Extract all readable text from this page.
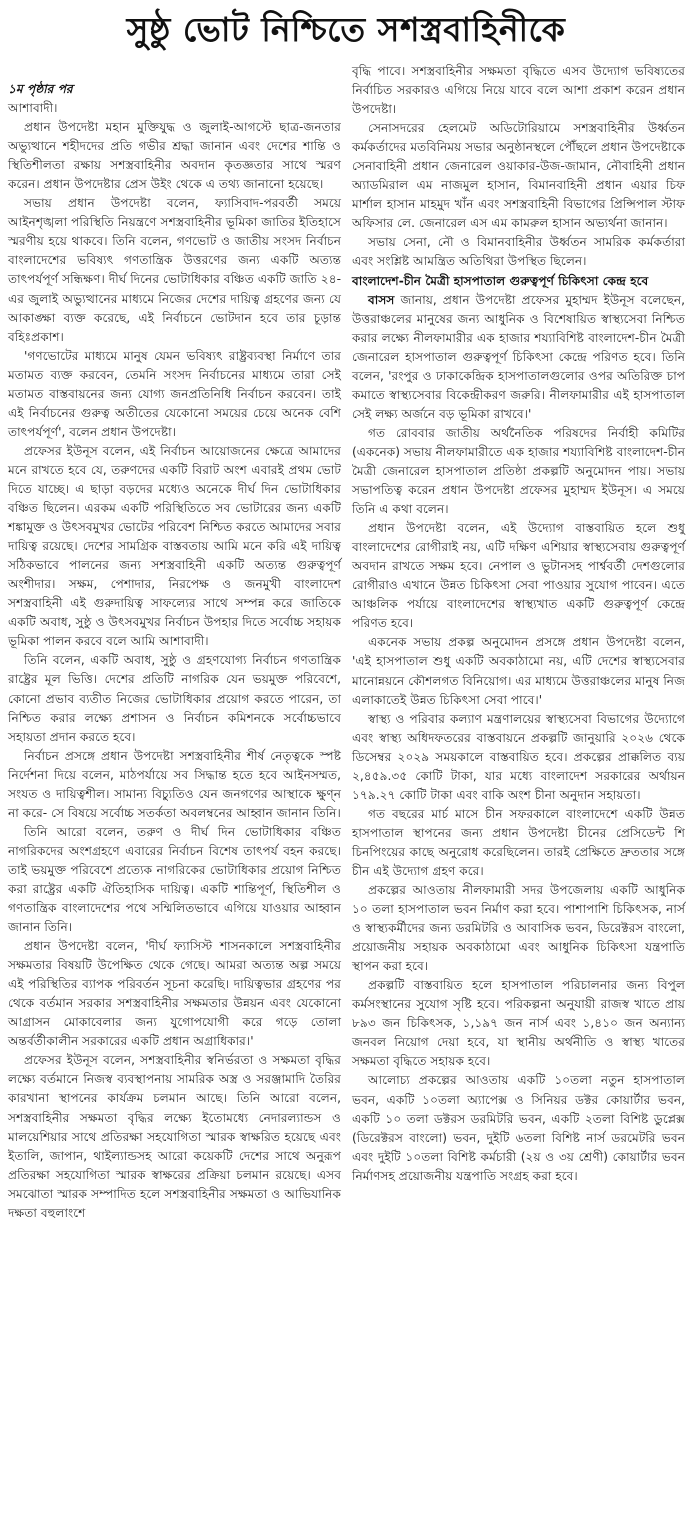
সুষ্ঠু ভোট নিশ্চিতে সশস্ত্রবাহিনীকে

১ম পৃষ্ঠার পর

আশাবাদী।

প্রধান উপদেষ্টা মহান মুক্তিযুদ্ধ ও জুলাই-আগস্টে ছাত্র-জনতার অভ্যুত্থানে শহীদদের প্রতি গভীর শ্রদ্ধা জানান এবং দেশের শান্তি ও স্থিতিশীলতা রক্ষায় সশস্ত্রবাহিনীর অবদান কৃতজ্ঞতার সাথে স্মরণ করেন। প্রধান উপদেষ্টার প্রেস উইং থেকে এ তথ্য জানানো হয়েছে।

সভায় প্রধান উপদেষ্টা বলেন, ফ্যাসিবাদ-পরবর্তী সময়ে আইনশৃঙ্খলা পরিস্থিতি নিয়ন্ত্রণে সশস্ত্রবাহিনীর ভূমিকা জাতির ইতিহাসে স্মরণীয় হয়ে থাকবে। তিনি বলেন, গণভোট ও জাতীয় সংসদ নির্বাচন বাংলাদেশের ভবিষ্যৎ গণতান্ত্রিক উত্তরণের জন্য একটি অত্যন্ত তাৎপর্যপূর্ণ সন্ধিক্ষণ। দীর্ঘ দিনের ভোটাধিকার বঞ্চিত একটি জাতি ২৪-এর জুলাই অভ্যুত্থানের মাধ্যমে নিজের দেশের দায়িত্ব গ্রহণের জন্য যে আকাঙ্ক্ষা ব্যক্ত করেছে, এই নির্বাচনে ভোটদান হবে তার চূড়ান্ত বহিঃপ্রকাশ।

'গণভোটের মাধ্যমে মানুষ যেমন ভবিষ্যৎ রাষ্ট্রব্যবস্থা নির্মাণে তার মতামত ব্যক্ত করবেন, তেমনি সংসদ নির্বাচনের মাধ্যমে তারা সেই মতামত বাস্তবায়নের জন্য যোগ্য জনপ্রতিনিধি নির্বাচন করবেন। তাই এই নির্বাচনের গুরুত্ব অতীতের যেকোনো সময়ের চেয়ে অনেক বেশি তাৎপর্যপূর্ণ', বলেন প্রধান উপদেষ্টা।

প্রফেসর ইউনূস বলেন, এই নির্বাচন আয়োজনের ক্ষেত্রে আমাদের মনে রাখতে হবে যে, তরুণদের একটি বিরাট অংশ এবারই প্রথম ভোট দিতে যাচ্ছে। এ ছাড়া বড়দের মধ্যেও অনেকে দীর্ঘ দিন ভোটাধিকার বঞ্চিত ছিলেন। এরকম একটি পরিস্থিতিতে সব ভোটারের জন্য একটি শঙ্কামুক্ত ও উৎসবমুখর ভোটের পরিবেশ নিশ্চিত করতে আমাদের সবার দায়িত্ব রয়েছে। দেশের সামগ্রিক বাস্তবতায় আমি মনে করি এই দায়িত্ব সঠিকভাবে পালনের জন্য সশস্ত্রবাহিনী একটি অত্যন্ত গুরুত্বপূর্ণ অংশীদার। সক্ষম, পেশাদার, নিরপেক্ষ ও জনমুখী বাংলাদেশ সশস্ত্রবাহিনী এই গুরুদায়িত্ব সাফল্যের সাথে সম্পন্ন করে জাতিকে একটি অবাধ, সুষ্ঠু ও উৎসবমুখর নির্বাচন উপহার দিতে সর্বোচ্চ সহায়ক ভূমিকা পালন করবে বলে আমি আশাবাদী।

তিনি বলেন, একটি অবাধ, সুষ্ঠু ও গ্রহণযোগ্য নির্বাচন গণতান্ত্রিক রাষ্ট্রের মূল ভিত্তি। দেশের প্রতিটি নাগরিক যেন ভয়মুক্ত পরিবেশে, কোনো প্রভাব ব্যতীত নিজের ভোটাধিকার প্রয়োগ করতে পারেন, তা নিশ্চিত করার লক্ষ্যে প্রশাসন ও নির্বাচন কমিশনকে সর্বোচ্চভাবে সহায়তা প্রদান করতে হবে।

নির্বাচন প্রসঙ্গে প্রধান উপদেষ্টা সশস্ত্রবাহিনীর শীর্ষ নেতৃত্বকে স্পষ্ট নির্দেশনা দিয়ে বলেন, মাঠপর্যায়ে সব সিদ্ধান্ত হতে হবে আইনসম্মত, সংযত ও দায়িত্বশীল। সামান্য বিচ্যুতিও যেন জনগণের আস্থাকে ক্ষুণ্ন না করে- সে বিষয়ে সর্বোচ্চ সতর্কতা অবলম্বনের আহ্বান জানান তিনি।

তিনি আরো বলেন, তরুণ ও দীর্ঘ দিন ভোটাধিকার বঞ্চিত নাগরিকদের অংশগ্রহণে এবারের নির্বাচন বিশেষ তাৎপর্য বহন করছে। তাই ভয়মুক্ত পরিবেশে প্রত্যেক নাগরিকের ভোটাধিকার প্রয়োগ নিশ্চিত করা রাষ্ট্রের একটি ঐতিহাসিক দায়িত্ব। একটি শান্তিপূর্ণ, স্থিতিশীল ও গণতান্ত্রিক বাংলাদেশের পথে সম্মিলিতভাবে এগিয়ে যাওয়ার আহ্বান জানান তিনি।

প্রধান উপদেষ্টা বলেন, 'দীর্ঘ ফ্যাসিস্ট শাসনকালে সশস্ত্রবাহিনীর সক্ষমতার বিষয়টি উপেক্ষিত থেকে গেছে। আমরা অত্যন্ত অল্প সময়ে এই পরিস্থিতির ব্যাপক পরিবর্তন সূচনা করেছি। দায়িত্বভার গ্রহণের পর থেকে বর্তমান সরকার সশস্ত্রবাহিনীর সক্ষমতার উন্নয়ন এবং যেকোনো আগ্রাসন মোকাবেলার জন্য যুগোপযোগী করে গড়ে তোলা অন্তর্বর্তীকালীন সরকারের একটি প্রধান অগ্রাধিকার।'

প্রফেসর ইউনূস বলেন, সশস্ত্রবাহিনীর স্বনির্ভরতা ও সক্ষমতা বৃদ্ধির লক্ষ্যে বর্তমানে নিজস্ব ব্যবস্থাপনায় সামরিক অস্ত্র ও সরঞ্জামাদি তৈরির কারখানা স্থাপনের কার্যক্রম চলমান আছে। তিনি আরো বলেন, সশস্ত্রবাহিনীর সক্ষমতা বৃদ্ধির লক্ষ্যে ইতোমধ্যে নেদারল্যান্ডস ও মালয়েশিয়ার সাথে প্রতিরক্ষা সহযোগিতা স্মারক স্বাক্ষরিত হয়েছে এবং ইতালি, জাপান, থাইল্যান্ডসহ আরো কয়েকটি দেশের সাথে অনুরূপ প্রতিরক্ষা সহযোগিতা স্মারক স্বাক্ষরের প্রক্রিয়া চলমান রয়েছে। এসব সমঝোতা স্মারক সম্পাদিত হলে সশস্ত্রবাহিনীর সক্ষমতা ও আভিযানিক দক্ষতা বহুলাংশে

বৃদ্ধি পাবে। সশস্ত্রবাহিনীর সক্ষমতা বৃদ্ধিতে এসব উদ্যোগ ভবিষ্যতের নির্বাচিত সরকারও এগিয়ে নিয়ে যাবে বলে আশা প্রকাশ করেন প্রধান উপদেষ্টা।

সেনাসদরের হেলমেট অডিটোরিয়ামে সশস্ত্রবাহিনীর উর্ধ্বতন কর্মকর্তাদের মতবিনিময় সভার অনুষ্ঠানস্থলে পৌঁছলে প্রধান উপদেষ্টাকে সেনাবাহিনী প্রধান জেনারেল ওয়াকার-উজ-জামান, নৌবাহিনী প্রধান অ্যাডমিরাল এম নাজমুল হাসান, বিমানবাহিনী প্রধান এয়ার চিফ মার্শাল হাসান মাহমুদ খাঁন এবং সশস্ত্রবাহিনী বিভাগের প্রিন্সিপাল স্টাফ অফিসার লে. জেনারেল এস এম কামরুল হাসান অভ্যর্থনা জানান।

সভায় সেনা, নৌ ও বিমানবাহিনীর উর্ধ্বতন সামরিক কর্মকর্তারা এবং সংশ্লিষ্ট আমন্ত্রিত অতিথিরা উপস্থিত ছিলেন।

বাংলাদেশ-চীন মৈত্রী হাসপাতাল গুরুত্বপূর্ণ চিকিৎসা কেন্দ্র হবে

বাসস জানায়, প্রধান উপদেষ্টা প্রফেসর মুহাম্মদ ইউনূস বলেছেন, উত্তরাঞ্চলের মানুষের জন্য আধুনিক ও বিশেষায়িত স্বাস্থ্যসেবা নিশ্চিত করার লক্ষ্যে নীলফামারীর এক হাজার শয্যাবিশিষ্ট বাংলাদেশ-চীন মৈত্রী জেনারেল হাসপাতাল গুরুত্বপূর্ণ চিকিৎসা কেন্দ্রে পরিণত হবে। তিনি বলেন, 'রংপুর ও ঢাকাকেন্দ্রিক হাসপাতালগুলোর ওপর অতিরিক্ত চাপ কমাতে স্বাস্থ্যসেবার বিকেন্দ্রীকরণ জরুরি। নীলফামারীর এই হাসপাতাল সেই লক্ষ্য অর্জনে বড় ভূমিকা রাখবে।'

গত রোববার জাতীয় অর্থনৈতিক পরিষদের নির্বাহী কমিটির (একনেক) সভায় নীলফামারীতে এক হাজার শয্যাবিশিষ্ট বাংলাদেশ-চীন মৈত্রী জেনারেল হাসপাতাল প্রতিষ্ঠা প্রকল্পটি অনুমোদন পায়। সভায় সভাপতিত্ব করেন প্রধান উপদেষ্টা প্রফেসর মুহাম্মদ ইউনূস। এ সময়ে তিনি এ কথা বলেন।

প্রধান উপদেষ্টা বলেন, এই উদ্যোগ বাস্তবায়িত হলে শুধু বাংলাদেশের রোগীরাই নয়, এটি দক্ষিণ এশিয়ার স্বাস্থ্যসেবায় গুরুত্বপূর্ণ অবদান রাখতে সক্ষম হবে। নেপাল ও ভুটানসহ পার্শ্ববর্তী দেশগুলোর রোগীরাও এখানে উন্নত চিকিৎসা সেবা পাওয়ার সুযোগ পাবেন। এতে আঞ্চলিক পর্যায়ে বাংলাদেশের স্বাস্থ্যখাত একটি গুরুত্বপূর্ণ কেন্দ্রে পরিণত হবে।

একনেক সভায় প্রকল্প অনুমোদন প্রসঙ্গে প্রধান উপদেষ্টা বলেন, 'এই হাসপাতাল শুধু একটি অবকাঠামো নয়, এটি দেশের স্বাস্থ্যসেবার মানোন্নয়নে কৌশলগত বিনিয়োগ। এর মাধ্যমে উত্তরাঞ্চলের মানুষ নিজ এলাকাতেই উন্নত চিকিৎসা সেবা পাবে।'

স্বাস্থ্য ও পরিবার কল্যাণ মন্ত্রণালয়ের স্বাস্থ্যসেবা বিভাগের উদ্যোগে এবং স্বাস্থ্য অধিদফতরের বাস্তবায়নে প্রকল্পটি জানুয়ারি ২০২৬ থেকে ডিসেম্বর ২০২৯ সময়কালে বাস্তবায়িত হবে। প্রকল্পের প্রাক্কলিত ব্যয় ২,৪৫৯.৩৫ কোটি টাকা, যার মধ্যে বাংলাদেশ সরকারের অর্থায়ন ১৭৯.২৭ কোটি টাকা এবং বাকি অংশ চীনা অনুদান সহায়তা।

গত বছরের মার্চ মাসে চীন সফরকালে বাংলাদেশে একটি উন্নত হাসপাতাল স্থাপনের জন্য প্রধান উপদেষ্টা চীনের প্রেসিডেন্ট শি চিনপিংয়ের কাছে অনুরোধ করেছিলেন। তারই প্রেক্ষিতে দ্রুততার সঙ্গে চীন এই উদ্যোগ গ্রহণ করে।

প্রকল্পের আওতায় নীলফামারী সদর উপজেলায় একটি আধুনিক ১০ তলা হাসপাতাল ভবন নির্মাণ করা হবে। পাশাপাশি চিকিৎসক, নার্স ও স্বাস্থ্যকর্মীদের জন্য ডরমিটরি ও আবাসিক ভবন, ডিরেক্টরস বাংলো, প্রয়োজনীয় সহায়ক অবকাঠামো এবং আধুনিক চিকিৎসা যন্ত্রপাতি স্থাপন করা হবে।

প্রকল্পটি বাস্তবায়িত হলে হাসপাতাল পরিচালনার জন্য বিপুল কর্মসংস্থানের সুযোগ সৃষ্টি হবে। পরিকল্পনা অনুযায়ী রাজস্ব খাতে প্রায় ৮৯৩ জন চিকিৎসক, ১,১৯৭ জন নার্স এবং ১,৪১০ জন অন্যান্য জনবল নিয়োগ দেয়া হবে, যা স্থানীয় অর্থনীতি ও স্বাস্থ্য খাতের সক্ষমতা বৃদ্ধিতে সহায়ক হবে।

আলোচ্য প্রকল্পের আওতায় একটি ১০তলা নতুন হাসপাতাল ভবন, একটি ১০তলা অ্যাপেক্স ও সিনিয়র ডক্টর কোয়ার্টার ভবন, একটি ১০ তলা ডক্টরস ডরমিটরি ভবন, একটি ২তলা বিশিষ্ট ডুপ্লেক্স (ডিরেক্টরস বাংলো) ভবন, দুইটি ৬তলা বিশিষ্ট নার্স ডরমেটরি ভবন এবং দুইটি ১০তলা বিশিষ্ট কর্মচারী (২য় ও ৩য় শ্রেণী) কোয়ার্টার ভবন নির্মাণসহ প্রয়োজনীয় যন্ত্রপাতি সংগ্রহ করা হবে।
